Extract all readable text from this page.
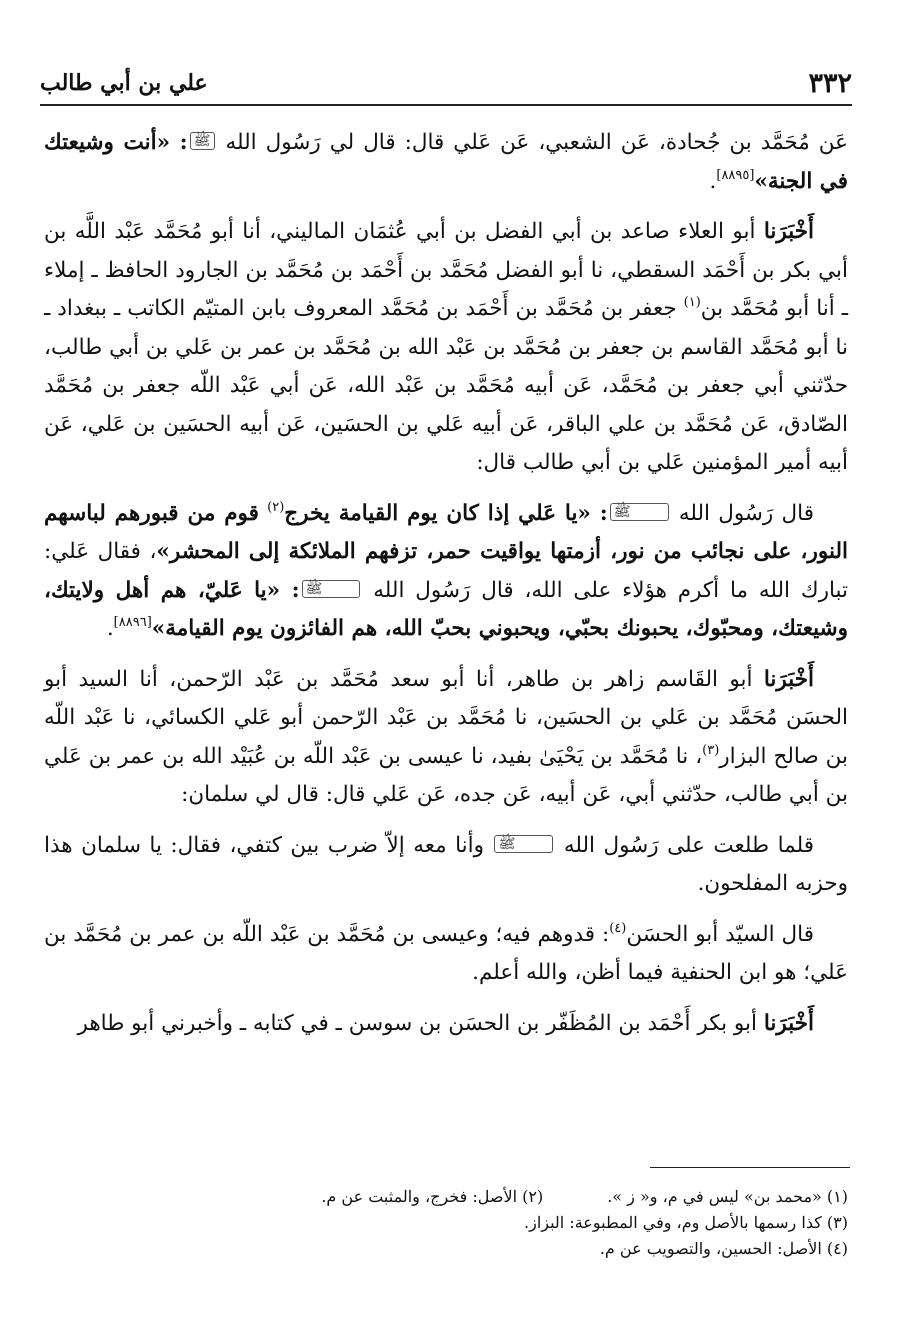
٣٣٢
علي بن أبي طالب

عَن مُحَمَّد بن جُحادة، عَن الشعبي، عَن عَلي قال: قال لي رَسُول الله ﷺ: «أنت وشيعتك في الجنة»[٨٨٩٥].

أَخْبَرَنا أبو العلاء صاعد بن أبي الفضل بن أبي عُثمَان الماليني، أنا أبو مُحَمَّد عَبْد اللَّه بن أبي بكر بن أَحْمَد السقطي، نا أبو الفضل مُحَمَّد بن أَحْمَد بن مُحَمَّد بن الجارود الحافظ ـ إملاء ـ أنا أبو مُحَمَّد بن$^{(١)}$ جعفر بن مُحَمَّد بن أَحْمَد بن مُحَمَّد المعروف بابن المتيّم الكاتب ـ ببغداد ـ نا أبو مُحَمَّد القاسم بن جعفر بن مُحَمَّد بن عَبْد الله بن مُحَمَّد بن عمر بن عَلي بن أبي طالب، حدّثني أبي جعفر بن مُحَمَّد، عَن أبيه مُحَمَّد بن عَبْد الله، عَن أبي عَبْد اللّه جعفر بن مُحَمَّد الصّادق، عَن مُحَمَّد بن علي الباقر، عَن أبيه عَلي بن الحسَين، عَن أبيه الحسَين بن عَلي، عَن أبيه أمير المؤمنين عَلي بن أبي طالب قال:

قال رَسُول الله ﷺ: «يا عَلي إذا كان يوم القيامة يخرج$^{(٢)}$ قوم من قبورهم لباسهم النور، على نجائب من نور، أزمتها يواقيت حمر، تزفهم الملائكة إلى المحشر»، فقال عَلي: تبارك الله ما أكرم هؤلاء على الله، قال رَسُول الله ﷺ: «يا عَليّ، هم أهل ولايتك، وشيعتك، ومحبّوك، يحبونك بحبّي، ويحبوني بحبّ الله، هم الفائزون يوم القيامة»[٨٨٩٦].

أَخْبَرَنا أبو القَاسم زاهر بن طاهر، أنا أبو سعد مُحَمَّد بن عَبْد الرّحمن، أنا السيد أبو الحسَن مُحَمَّد بن عَلي بن الحسَين، نا مُحَمَّد بن عَبْد الرّحمن أبو عَلي الكسائي، نا عَبْد اللّه بن صالح البزار$^{(٣)}$، نا مُحَمَّد بن يَحْيَىٰ بفيد، نا عيسى بن عَبْد اللّه بن عُبَيْد الله بن عمر بن عَلي بن أبي طالب، حدّثني أبي، عَن أبيه، عَن جده، عَن عَلي قال: قال لي سلمان:

قلما طلعت على رَسُول الله ﷺ وأنا معه إلاّ ضرب بين كتفي، فقال: يا سلمان هذا وحزبه المفلحون.

قال السيّد أبو الحسَن$^{(٤)}$: قدوهم فيه؛ وعيسى بن مُحَمَّد بن عَبْد اللّه بن عمر بن مُحَمَّد بن عَلي؛ هو ابن الحنفية فيما أظن، والله أعلم.

أَخْبَرَنا أبو بكر أَحْمَد بن المُظَفّر بن الحسَن بن سوسن ـ في كتابه ـ وأخبرني أبو طاهر

(١) «محمد بن» ليس في م، و« ز ».
(٢) الأصل: فخرج، والمثبت عن م.
(٣) كذا رسمها بالأصل وم، وفي المطبوعة: البزاز.
(٤) الأصل: الحسين، والتصويب عن م.
